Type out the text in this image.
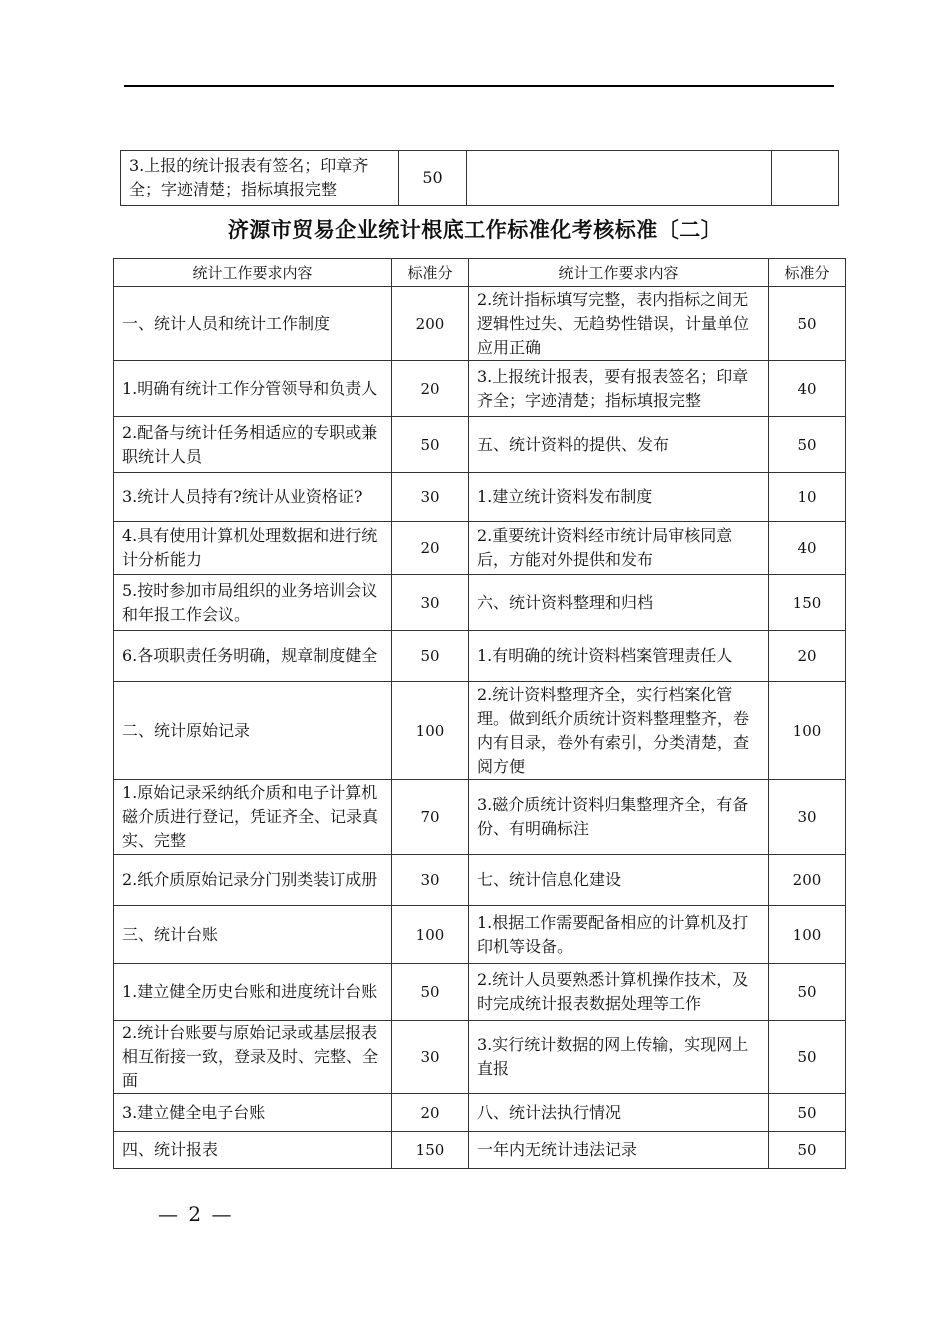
3.上报的统计报表有签名；印章齐全；字迹清楚；指标填报完整	50		
济源市贸易企业统计根底工作标准化考核标准〔二〕
统计工作要求内容	标准分	统计工作要求内容	标准分
一、统计人员和统计工作制度	200	2.统计指标填写完整，表内指标之间无逻辑性过失、无趋势性错误，计量单位应用正确	50
1.明确有统计工作分管领导和负责人	20	3.上报统计报表，要有报表签名；印章齐全；字迹清楚；指标填报完整	40
2.配备与统计任务相适应的专职或兼职统计人员	50	五、统计资料的提供、发布	50
3.统计人员持有?统计从业资格证?	30	1.建立统计资料发布制度	10
4.具有使用计算机处理数据和进行统计分析能力	20	2.重要统计资料经市统计局审核同意后，方能对外提供和发布	40
5.按时参加市局组织的业务培训会议和年报工作会议。	30	六、统计资料整理和归档	150
6.各项职责任务明确，规章制度健全	50	1.有明确的统计资料档案管理责任人	20
二、统计原始记录	100	2.统计资料整理齐全，实行档案化管理。做到纸介质统计资料整理整齐，卷内有目录，卷外有索引，分类清楚，查阅方便	100
1.原始记录采纳纸介质和电子计算机磁介质进行登记，凭证齐全、记录真实、完整	70	3.磁介质统计资料归集整理齐全，有备份、有明确标注	30
2.纸介质原始记录分门别类装订成册	30	七、统计信息化建设	200
三、统计台账	100	1.根据工作需要配备相应的计算机及打印机等设备。	100
1.建立健全历史台账和进度统计台账	50	2.统计人员要熟悉计算机操作技术，及时完成统计报表数据处理等工作	50
2.统计台账要与原始记录或基层报表相互衔接一致，登录及时、完整、全面	30	3.实行统计数据的网上传输，实现网上直报	50
3.建立健全电子台账	20	八、统计法执行情况	50
四、统计报表	150	一年内无统计违法记录	50
— 2 —
